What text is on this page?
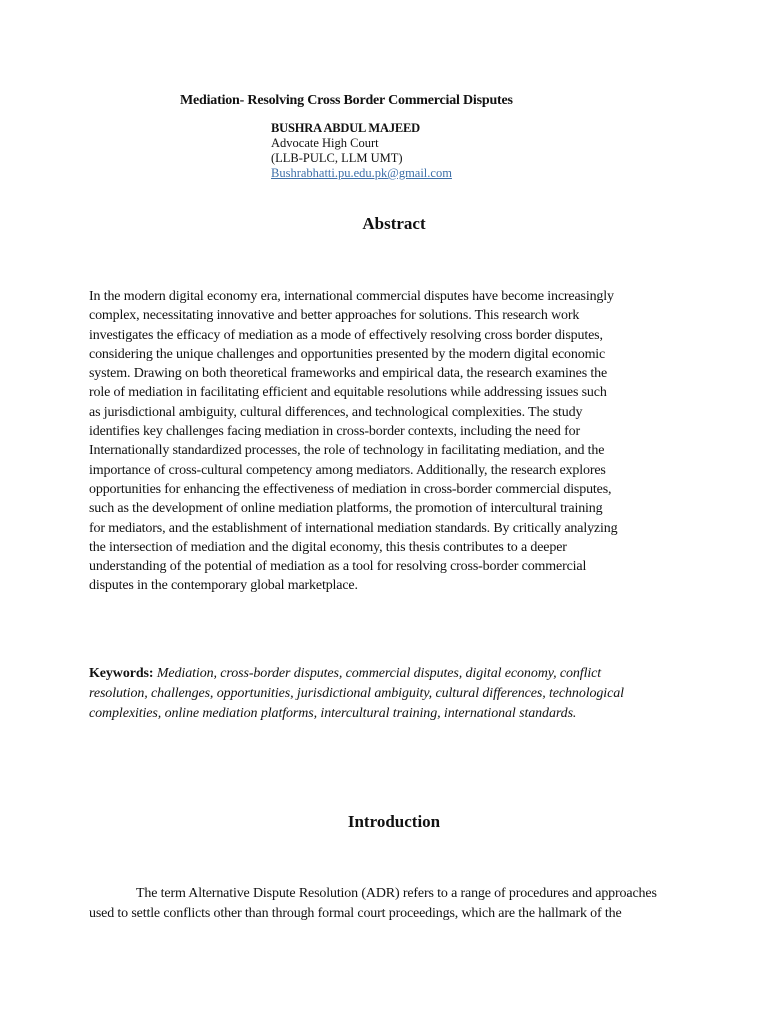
Mediation- Resolving Cross Border Commercial Disputes
BUSHRA ABDUL MAJEED
Advocate High Court
(LLB-PULC, LLM UMT)
Bushrabhatti.pu.edu.pk@gmail.com
Abstract
In the modern digital economy era, international commercial disputes have become increasingly
complex, necessitating innovative and better approaches for solutions. This research work
investigates the efficacy of mediation as a mode of effectively resolving cross border disputes,
considering the unique challenges and opportunities presented by the modern digital economic
system. Drawing on both theoretical frameworks and empirical data, the research examines the
role of mediation in facilitating efficient and equitable resolutions while addressing issues such
as jurisdictional ambiguity, cultural differences, and technological complexities. The study
identifies key challenges facing mediation in cross-border contexts, including the need for
Internationally standardized processes, the role of technology in facilitating mediation, and the
importance of cross-cultural competency among mediators. Additionally, the research explores
opportunities for enhancing the effectiveness of mediation in cross-border commercial disputes,
such as the development of online mediation platforms, the promotion of intercultural training
for mediators, and the establishment of international mediation standards. By critically analyzing
the intersection of mediation and the digital economy, this thesis contributes to a deeper
understanding of the potential of mediation as a tool for resolving cross-border commercial
disputes in the contemporary global marketplace.
Keywords: Mediation, cross-border disputes, commercial disputes, digital economy, conflict
resolution, challenges, opportunities, jurisdictional ambiguity, cultural differences, technological
complexities, online mediation platforms, intercultural training, international standards.
Introduction
The term Alternative Dispute Resolution (ADR) refers to a range of procedures and approaches
used to settle conflicts other than through formal court proceedings, which are the hallmark of the
